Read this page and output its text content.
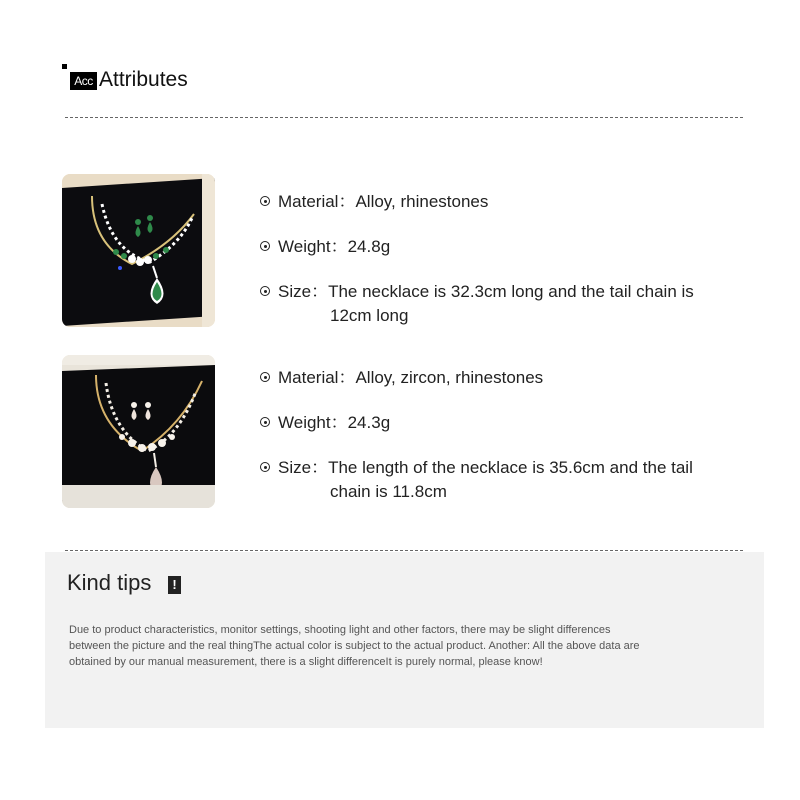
Acc Attributes
Material：Alloy, rhinestones
Weight：24.8g
Size：The necklace is 32.3cm long and the tail chain is 12cm long
Material：Alloy, zircon, rhinestones
Weight：24.3g
Size：The length of the necklace is 35.6cm and the tail chain is 11.8cm
Kind tips	!
Due to product characteristics, monitor settings, shooting light and other factors, there may be slight differences between the picture and the real thingThe actual color is subject to the actual product. Another: All the above data are obtained by our manual measurement, there is a slight differenceIt is purely normal, please know!
